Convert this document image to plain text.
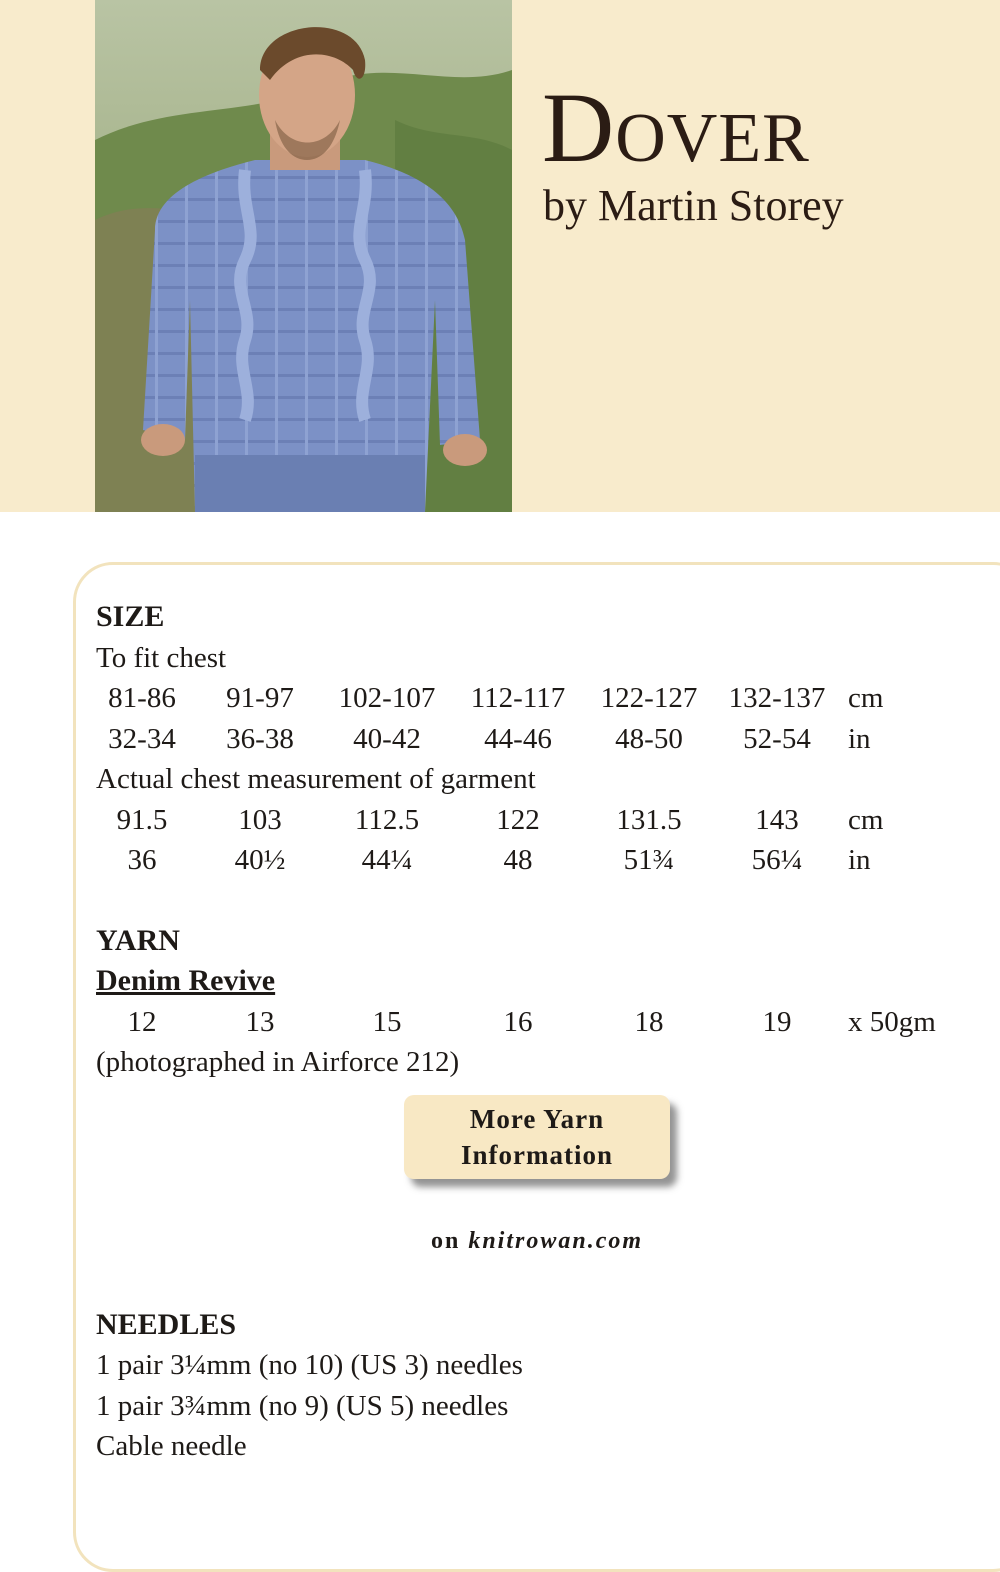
Dover

by Martin Storey

SIZE
To fit chest
81-86 91-97 102-107 112-117 122-127 132-137 cm
32-34 36-38 40-42 44-46 48-50 52-54 in
Actual chest measurement of garment
91.5 103	112.5	122	131.5	143 cm
36	40½	44¼	48	51¾	56¼ in
YARN
Denim Revive
12	13	15	16	18	19 x 50gm
(photographed in Airforce 212)
More Yarn
Information
on knitrowan.com
NEEDLES
1 pair 3¼mm (no 10) (US 3) needles
1 pair 3¾mm (no 9) (US 5) needles
Cable needle
